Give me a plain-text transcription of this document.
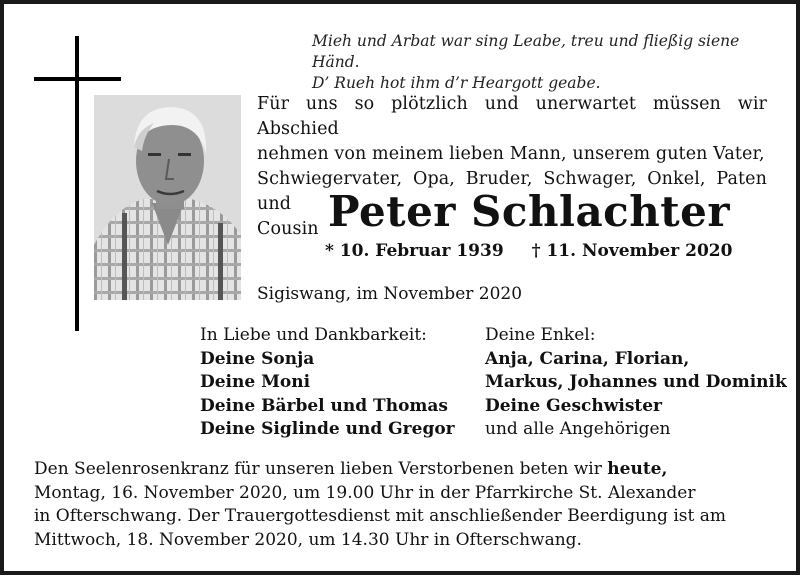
Mieh und Arbat war sing Leabe, treu und fließig siene Händ.
D’ Rueh hot ihm d’r Heargott geabe.
Für uns so plötzlich und unerwartet müssen wir Abschied
nehmen von meinem lieben Mann, unserem guten Vater,
Schwiegervater, Opa, Bruder, Schwager, Onkel, Paten und
Cousin Peter Schlachter
* 10. Februar 1939 † 11. November 2020
Sigiswang, im November 2020
In Liebe und Dankbarkeit:
Deine Sonja
Deine Moni
Deine Bärbel und Thomas
Deine Siglinde und Gregor
Deine Enkel:
Anja, Carina, Florian,
Markus, Johannes und Dominik
Deine Geschwister
und alle Angehörigen
Den Seelenrosenkranz für unseren lieben Verstorbenen beten wir heute,
Montag, 16. November 2020, um 19.00 Uhr in der Pfarrkirche St. Alexander
in Ofterschwang. Der Trauergottesdienst mit anschließender Beerdigung ist am
Mittwoch, 18. November 2020, um 14.30 Uhr in Ofterschwang.
